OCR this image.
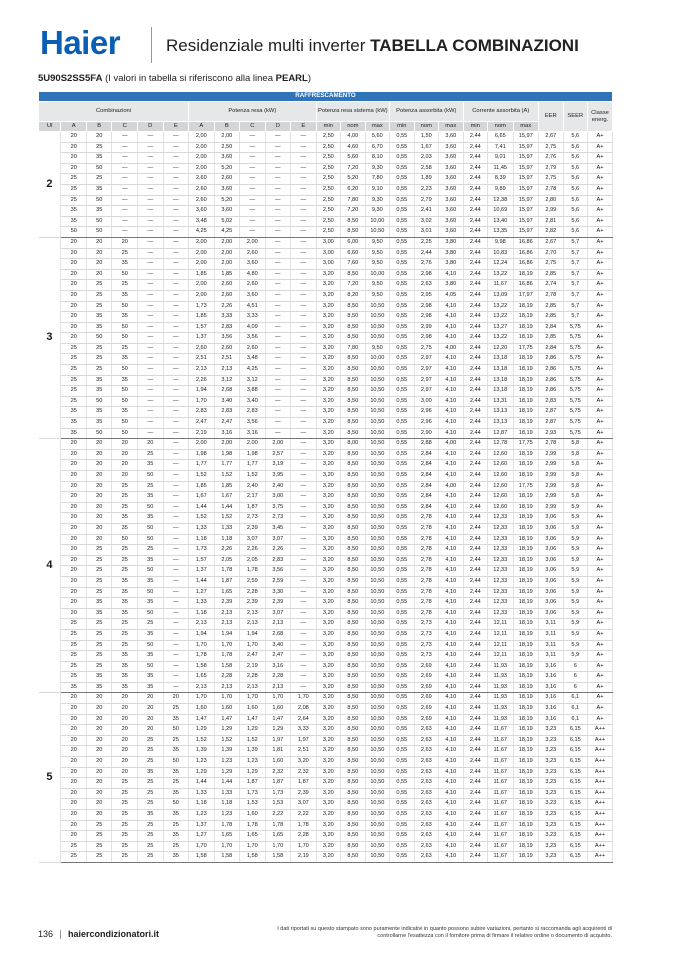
Haier	Residenziale multi inverter TABELLA COMBINAZIONI
5U90S2SS5FA (I valori in tabella si riferiscono alla linea PEARL)
RAFFRESCAMENTO																						
Combinazioni						Potenza resa (kW)					Potenza resa sistema (kW)			Potenza assorbita (kW)			Corrente assorbita (A)			EER	SEER	Classe energ.
UI	A	B	C	D	E	A	B	C	D	E	min	nom	max	min	nom	max	min	nom	max			
2	20	20	—	—	—	2,00	2,00	—	—	—	2,50	4,00	5,60	0,55	1,50	3,60	2,44	6,65	15,97	2,67	5,6	A+
	20	25	—	—	—	2,00	2,50	—	—	—	2,50	4,60	6,70	0,55	1,67	3,60	2,44	7,41	15,97	2,75	5,6	A+
	20	35	—	—	—	2,00	3,60	—	—	—	2,50	5,60	8,10	0,55	2,03	3,60	2,44	9,01	15,97	2,76	5,6	A+
	20	50	—	—	—	2,00	5,20	—	—	—	2,50	7,20	9,30	0,55	2,58	3,60	2,44	11,45	15,97	2,79	5,6	A+
	25	25	—	—	—	2,60	2,60	—	—	—	2,50	5,20	7,80	0,55	1,89	3,60	2,44	8,39	15,97	2,75	5,6	A+
	25	35	—	—	—	2,60	3,60	—	—	—	2,50	6,20	9,10	0,55	2,23	3,60	2,44	9,89	15,97	2,78	5,6	A+
	25	50	—	—	—	2,60	5,20	—	—	—	2,50	7,80	9,30	0,55	2,79	3,60	2,44	12,38	15,97	2,80	5,6	A+
	35	35	—	—	—	3,60	3,60	—	—	—	2,50	7,20	9,30	0,55	2,41	3,60	2,44	10,69	15,97	2,99	5,6	A+
	35	50	—	—	—	3,48	5,02	—	—	—	2,50	8,50	10,00	0,55	3,02	3,60	2,44	13,40	15,97	2,81	5,6	A+
	50	50	—	—	—	4,25	4,25	—	—	—	2,50	8,50	10,50	0,55	3,01	3,60	2,44	13,35	15,97	2,82	5,6	A+
3	20	20	20	—	—	2,00	2,00	2,00	—	—	3,00	6,00	9,50	0,55	2,25	3,80	2,44	9,98	16,86	2,67	5,7	A+
	20	20	25	—	—	2,00	2,00	2,60	—	—	3,00	6,60	9,50	0,55	2,44	3,80	2,44	10,83	16,86	2,70	5,7	A+
	20	20	35	—	—	2,00	2,00	3,60	—	—	3,00	7,60	9,50	0,55	2,76	3,80	2,44	12,24	16,86	2,75	5,7	A+
	20	20	50	—	—	1,85	1,85	4,80	—	—	3,20	8,50	10,00	0,55	2,98	4,10	2,44	13,22	18,19	2,85	5,7	A+
	20	25	25	—	—	2,00	2,60	2,60	—	—	3,20	7,20	9,50	0,55	2,63	3,80	2,44	11,67	16,86	2,74	5,7	A+
	20	25	35	—	—	2,00	2,60	3,60	—	—	3,20	8,20	9,50	0,55	2,95	4,05	2,44	13,09	17,97	2,78	5,7	A+
	20	25	50	—	—	1,73	2,26	4,51	—	—	3,20	8,50	10,50	0,55	2,98	4,10	2,44	13,22	18,19	2,85	5,7	A+
	20	35	35	—	—	1,85	3,33	3,33	—	—	3,20	8,50	10,50	0,55	2,98	4,10	2,44	13,22	18,19	2,85	5,7	A+
	20	35	50	—	—	1,57	2,83	4,09	—	—	3,20	8,50	10,50	0,55	2,99	4,10	2,44	13,27	18,19	2,84	5,75	A+
	20	50	50	—	—	1,37	3,56	3,56	—	—	3,20	8,50	10,50	0,55	2,98	4,10	2,44	13,22	18,19	2,85	5,75	A+
	25	25	25	—	—	2,60	2,60	2,60	—	—	3,20	7,80	9,50	0,55	2,75	4,00	2,44	12,20	17,75	2,84	5,75	A+
	25	25	35	—	—	2,51	2,51	3,48	—	—	3,20	8,50	10,00	0,55	2,97	4,10	2,44	13,18	18,19	2,86	5,75	A+
	25	25	50	—	—	2,13	2,13	4,25	—	—	3,20	8,50	10,50	0,55	2,97	4,10	2,44	13,18	18,19	2,86	5,75	A+
	25	35	35	—	—	2,26	3,12	3,12	—	—	3,20	8,50	10,50	0,55	2,97	4,10	2,44	13,18	18,19	2,86	5,75	A+
	25	35	50	—	—	1,94	2,68	3,88	—	—	3,20	8,50	10,50	0,55	2,97	4,10	2,44	13,18	18,19	2,86	5,75	A+
	25	50	50	—	—	1,70	3,40	3,40	—	—	3,20	8,50	10,50	0,55	3,00	4,10	2,44	13,31	18,19	2,83	5,75	A+
	35	35	35	—	—	2,83	2,83	2,83	—	—	3,20	8,50	10,50	0,55	2,96	4,10	2,44	13,13	18,19	2,87	5,75	A+
	35	35	50	—	—	2,47	2,47	3,56	—	—	3,20	8,50	10,50	0,55	2,96	4,10	2,44	13,13	18,19	2,87	5,75	A+
	35	50	50	—	—	2,19	3,16	3,16	—	—	3,20	8,50	10,50	0,55	2,90	4,10	2,44	12,87	18,19	2,93	5,75	A+
4	20	20	20	20	—	2,00	2,00	2,00	2,00	—	3,20	8,00	10,50	0,55	2,88	4,00	2,44	12,78	17,75	2,78	5,8	A+
	20	20	20	25	—	1,98	1,98	1,98	2,57	—	3,20	8,50	10,50	0,55	2,84	4,10	2,44	12,60	18,19	2,99	5,8	A+
	20	20	20	35	—	1,77	1,77	1,77	3,19	—	3,20	8,50	10,50	0,55	2,84	4,10	2,44	12,60	18,19	2,99	5,8	A+
	20	20	20	50	—	1,52	1,52	1,52	3,95	—	3,20	8,50	10,50	0,55	2,84	4,10	2,44	12,60	18,19	2,99	5,8	A+
	20	20	25	25	—	1,85	1,85	2,40	2,40	—	3,20	8,50	10,50	0,55	2,84	4,00	2,44	12,60	17,75	2,99	5,8	A+
	20	20	25	35	—	1,67	1,67	2,17	3,00	—	3,20	8,50	10,50	0,55	2,84	4,10	2,44	12,60	18,19	2,99	5,8	A+
	20	20	25	50	—	1,44	1,44	1,87	3,75	—	3,20	8,50	10,50	0,55	2,84	4,10	2,44	12,60	18,19	2,99	5,9	A+
	20	20	35	35	—	1,52	1,52	2,73	2,73	—	3,20	8,50	10,50	0,55	2,78	4,10	2,44	12,33	18,19	3,06	5,9	A+
	20	20	35	50	—	1,33	1,33	2,39	3,45	—	3,20	8,50	10,50	0,55	2,78	4,10	2,44	12,33	18,19	3,06	5,9	A+
	20	20	50	50	—	1,18	1,18	3,07	3,07	—	3,20	8,50	10,50	0,55	2,78	4,10	2,44	12,33	18,19	3,06	5,9	A+
	20	25	25	25	—	1,73	2,26	2,26	2,26	—	3,20	8,50	10,50	0,55	2,78	4,10	2,44	12,33	18,19	3,06	5,9	A+
	20	25	25	35	—	1,57	2,05	2,05	2,83	—	3,20	8,50	10,50	0,55	2,78	4,10	2,44	12,33	18,19	3,06	5,9	A+
	20	25	25	50	—	1,37	1,78	1,78	3,56	—	3,20	8,50	10,50	0,55	2,78	4,10	2,44	12,33	18,19	3,06	5,9	A+
	20	25	35	35	—	1,44	1,87	2,59	2,59	—	3,20	8,50	10,50	0,55	2,78	4,10	2,44	12,33	18,19	3,06	5,9	A+
	20	25	35	50	—	1,27	1,65	2,28	3,30	—	3,20	8,50	10,50	0,55	2,78	4,10	2,44	12,33	18,19	3,06	5,9	A+
	20	35	35	35	—	1,33	2,39	2,39	2,39	—	3,20	8,50	10,50	0,55	2,78	4,10	2,44	12,33	18,19	3,06	5,9	A+
	20	35	35	50	—	1,18	2,13	2,13	3,07	—	3,20	8,50	10,50	0,55	2,78	4,10	2,44	12,33	18,19	3,06	5,9	A+
	25	25	25	25	—	2,13	2,13	2,13	2,13	—	3,20	8,50	10,50	0,55	2,73	4,10	2,44	12,11	18,19	3,11	5,9	A+
	25	25	25	35	—	1,94	1,94	1,94	2,68	—	3,20	8,50	10,50	0,55	2,73	4,10	2,44	12,11	18,19	3,11	5,9	A+
	25	25	25	50	—	1,70	1,70	1,70	3,40	—	3,20	8,50	10,50	0,55	2,73	4,10	2,44	12,11	18,19	3,11	5,9	A+
	25	25	35	35	—	1,78	1,78	2,47	2,47	—	3,20	8,50	10,50	0,55	2,73	4,10	2,44	12,11	18,19	3,11	5,9	A+
	25	25	35	50	—	1,58	1,58	2,19	3,16	—	3,20	8,50	10,50	0,55	2,69	4,10	2,44	11,93	18,19	3,16	6	A+
	25	35	35	35	—	1,65	2,28	2,28	2,28	—	3,20	8,50	10,50	0,55	2,69	4,10	2,44	11,93	18,19	3,16	6	A+
	35	35	35	35	—	2,13	2,13	2,13	2,13	—	3,20	8,50	10,50	0,55	2,69	4,10	2,44	11,93	18,19	3,16	6	A+
5	20	20	20	20	20	1,70	1,70	1,70	1,70	1,70	3,20	8,50	10,50	0,55	2,69	4,10	2,44	11,93	18,19	3,16	6,1	A+
	20	20	20	20	25	1,60	1,60	1,60	1,60	2,08	3,20	8,50	10,50	0,55	2,69	4,10	2,44	11,93	18,19	3,16	6,1	A+
	20	20	20	20	35	1,47	1,47	1,47	1,47	2,64	3,20	8,50	10,50	0,55	2,69	4,10	2,44	11,93	18,19	3,16	6,1	A+
	20	20	20	20	50	1,29	1,29	1,29	1,29	3,33	3,20	8,50	10,50	0,55	2,63	4,10	2,44	11,67	18,19	3,23	6,15	A++
	20	20	20	25	25	1,52	1,52	1,52	1,97	1,97	3,20	8,50	10,50	0,55	2,63	4,10	2,44	11,67	18,19	3,23	6,15	A++
	20	20	20	25	35	1,39	1,39	1,39	1,81	2,51	3,20	8,50	10,50	0,55	2,63	4,10	2,44	11,67	18,19	3,23	6,15	A++
	20	20	20	25	50	1,23	1,23	1,23	1,60	3,20	3,20	8,50	10,50	0,55	2,63	4,10	2,44	11,67	18,19	3,23	6,15	A++
	20	20	20	35	35	1,29	1,29	1,29	2,32	2,32	3,20	8,50	10,50	0,55	2,63	4,10	2,44	11,67	18,19	3,23	6,15	A++
	20	20	25	25	25	1,44	1,44	1,87	1,87	1,87	3,20	8,50	10,50	0,55	2,63	4,10	2,44	11,67	18,19	3,23	6,15	A++
	20	20	25	25	35	1,33	1,33	1,73	1,73	2,39	3,20	8,50	10,50	0,55	2,63	4,10	2,44	11,67	18,19	3,23	6,15	A++
	20	20	25	25	50	1,18	1,18	1,53	1,53	3,07	3,20	8,50	10,50	0,55	2,63	4,10	2,44	11,67	18,19	3,23	6,15	A++
	20	20	25	35	35	1,23	1,23	1,60	2,22	2,22	3,20	8,50	10,50	0,55	2,63	4,10	2,44	11,67	18,19	3,23	6,15	A++
	20	25	25	25	25	1,37	1,78	1,78	1,78	1,78	3,20	8,50	10,50	0,55	2,63	4,10	2,44	11,67	18,19	3,23	6,15	A++
	20	25	25	25	35	1,27	1,65	1,65	1,65	2,28	3,20	8,50	10,50	0,55	2,63	4,10	2,44	11,67	18,19	3,23	6,15	A++
	25	25	25	25	25	1,70	1,70	1,70	1,70	1,70	3,20	8,50	10,50	0,55	2,63	4,10	2,44	11,67	18,19	3,23	6,15	A++
	25	25	25	25	35	1,58	1,58	1,58	1,58	2,19	3,20	8,50	10,50	0,55	2,63	4,10	2,44	11,67	18,19	3,23	6,15	A++
136 haiercondizionatori.it	I dati riportati su questo stampato sono puramente indicativi in quanto possono subire variazioni, pertanto si raccomanda agli acquirenti di controllarne l'esattezza con il fornitore prima di firmare il relativo ordine o documento di acquisto.
